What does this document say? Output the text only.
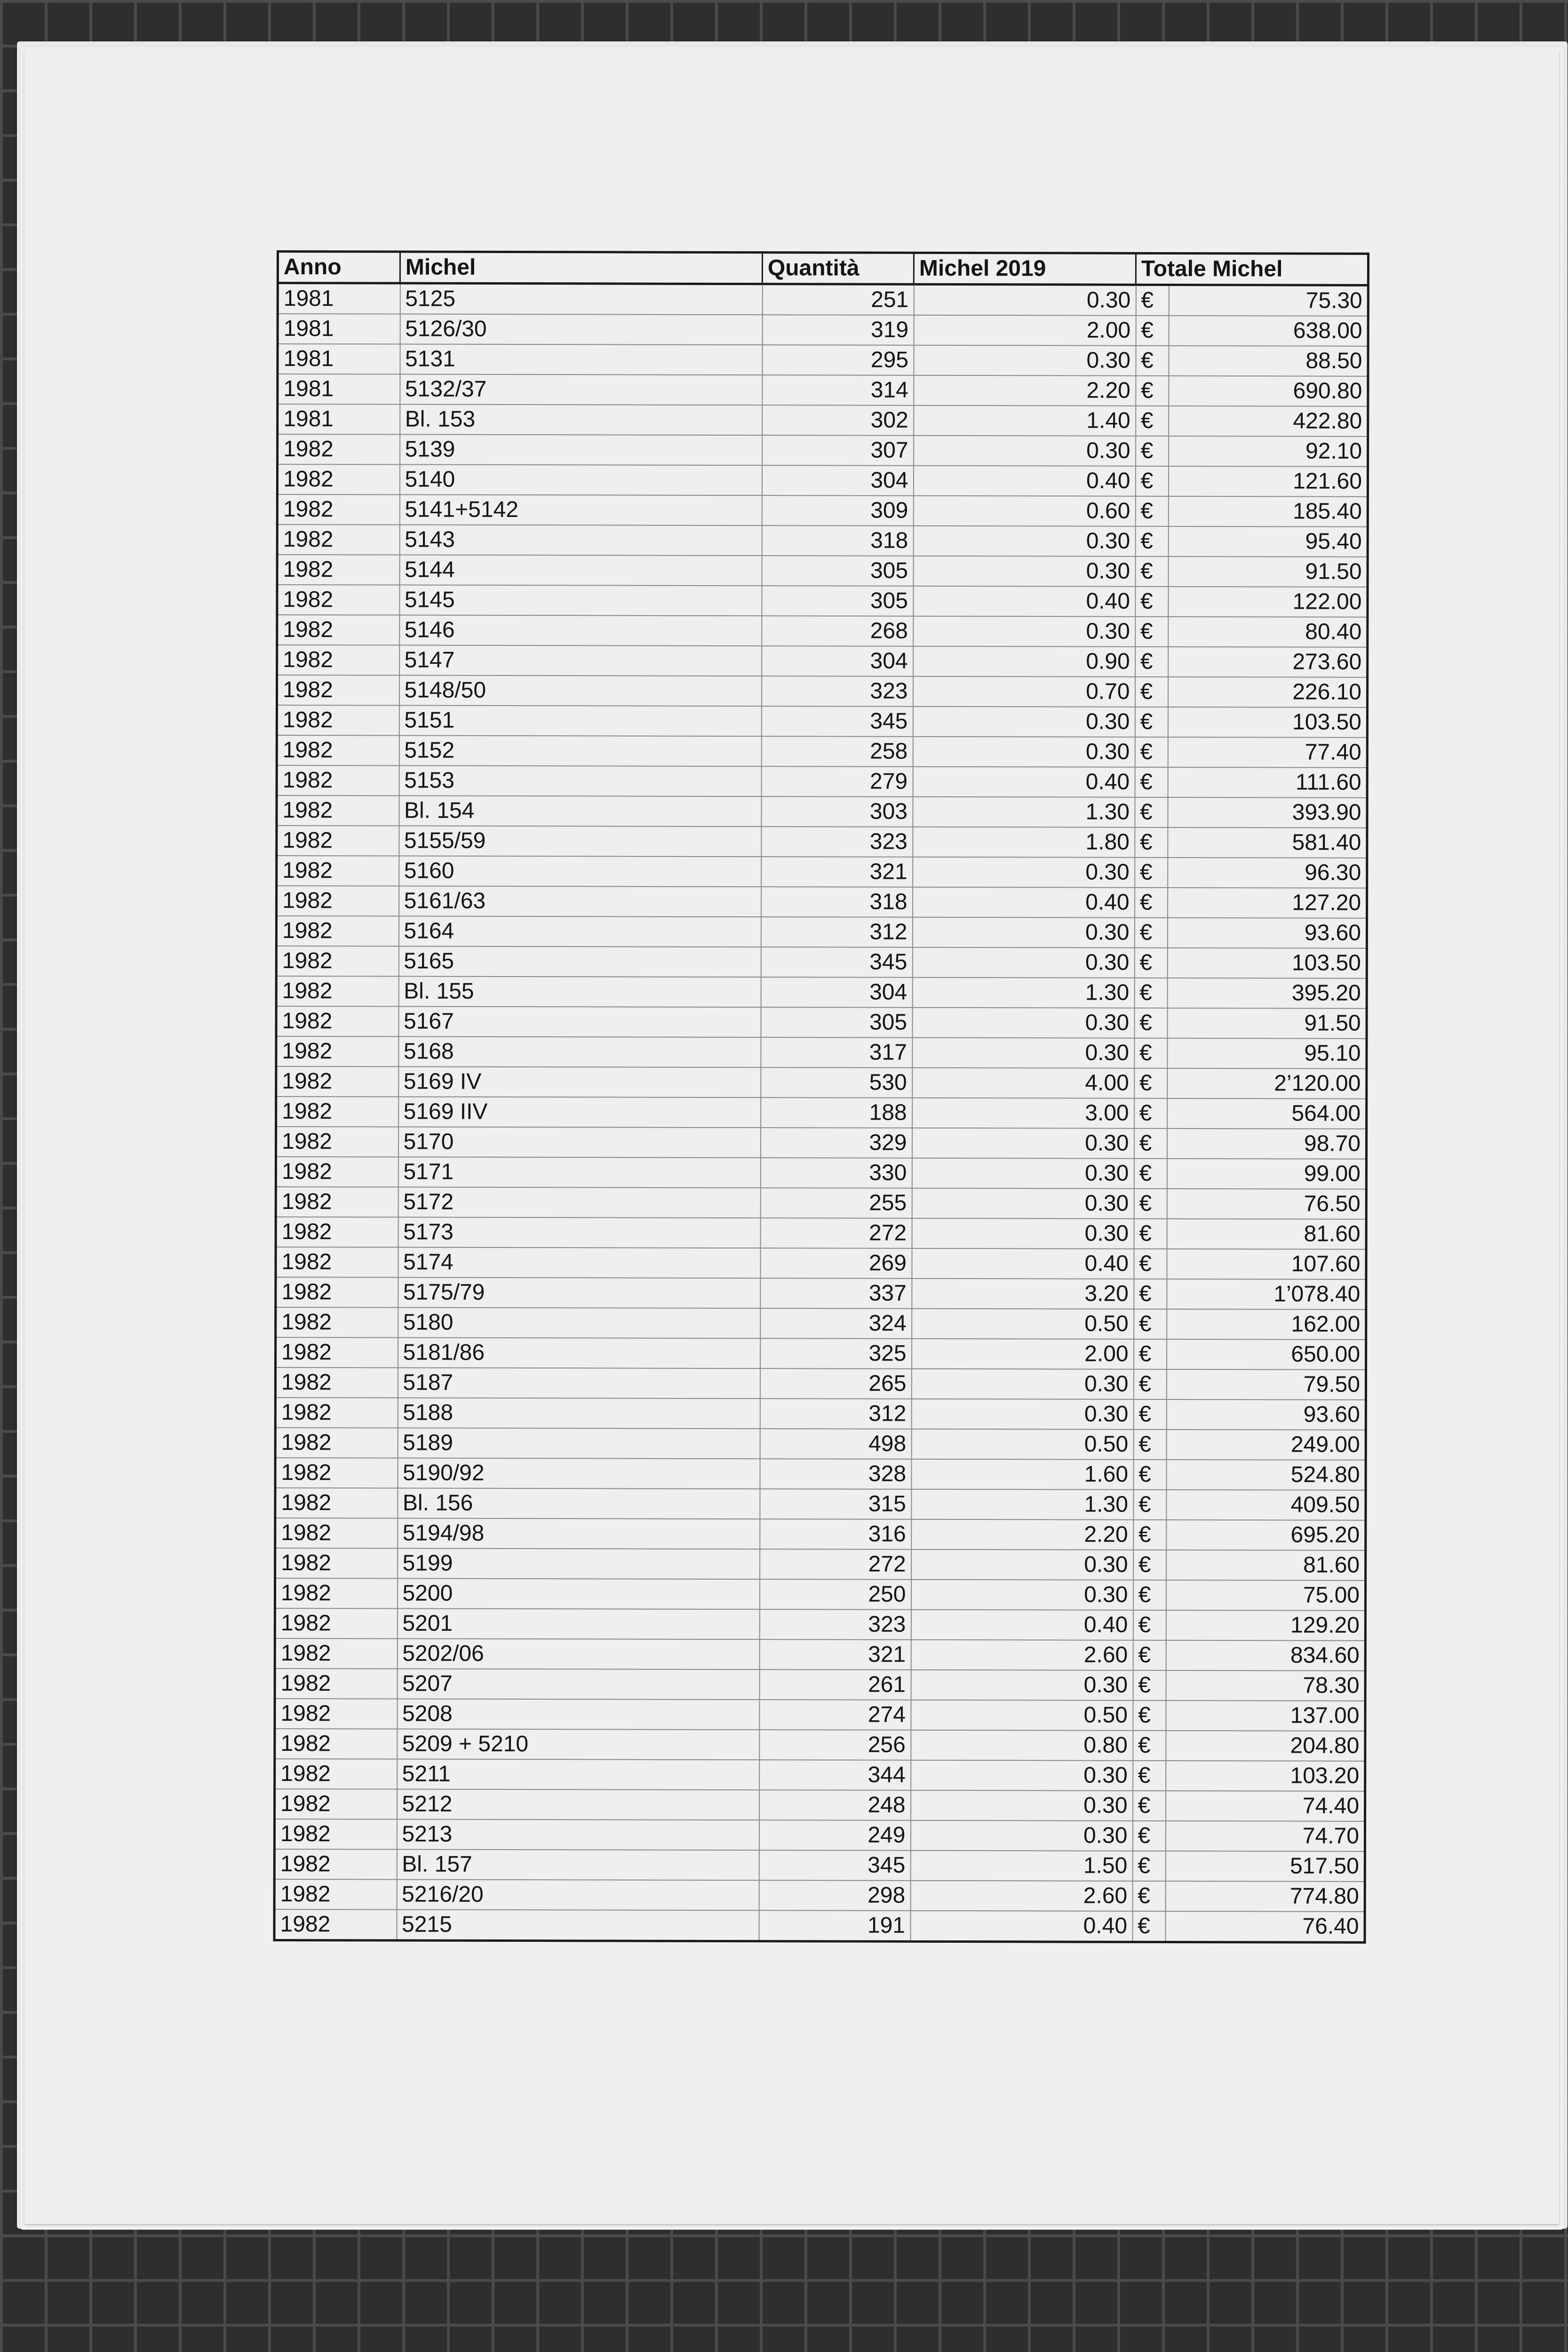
Anno	Michel	Quantità	Michel 2019	Totale Michel	
1981	5125	251	0.30	€	75.30
1981	5126/30	319	2.00	€	638.00
1981	5131	295	0.30	€	88.50
1981	5132/37	314	2.20	€	690.80
1981	Bl. 153	302	1.40	€	422.80
1982	5139	307	0.30	€	92.10
1982	5140	304	0.40	€	121.60
1982	5141+5142	309	0.60	€	185.40
1982	5143	318	0.30	€	95.40
1982	5144	305	0.30	€	91.50
1982	5145	305	0.40	€	122.00
1982	5146	268	0.30	€	80.40
1982	5147	304	0.90	€	273.60
1982	5148/50	323	0.70	€	226.10
1982	5151	345	0.30	€	103.50
1982	5152	258	0.30	€	77.40
1982	5153	279	0.40	€	111.60
1982	Bl. 154	303	1.30	€	393.90
1982	5155/59	323	1.80	€	581.40
1982	5160	321	0.30	€	96.30
1982	5161/63	318	0.40	€	127.20
1982	5164	312	0.30	€	93.60
1982	5165	345	0.30	€	103.50
1982	Bl. 155	304	1.30	€	395.20
1982	5167	305	0.30	€	91.50
1982	5168	317	0.30	€	95.10
1982	5169 IV	530	4.00	€	2’120.00
1982	5169 IIV	188	3.00	€	564.00
1982	5170	329	0.30	€	98.70
1982	5171	330	0.30	€	99.00
1982	5172	255	0.30	€	76.50
1982	5173	272	0.30	€	81.60
1982	5174	269	0.40	€	107.60
1982	5175/79	337	3.20	€	1’078.40
1982	5180	324	0.50	€	162.00
1982	5181/86	325	2.00	€	650.00
1982	5187	265	0.30	€	79.50
1982	5188	312	0.30	€	93.60
1982	5189	498	0.50	€	249.00
1982	5190/92	328	1.60	€	524.80
1982	Bl. 156	315	1.30	€	409.50
1982	5194/98	316	2.20	€	695.20
1982	5199	272	0.30	€	81.60
1982	5200	250	0.30	€	75.00
1982	5201	323	0.40	€	129.20
1982	5202/06	321	2.60	€	834.60
1982	5207	261	0.30	€	78.30
1982	5208	274	0.50	€	137.00
1982	5209 + 5210	256	0.80	€	204.80
1982	5211	344	0.30	€	103.20
1982	5212	248	0.30	€	74.40
1982	5213	249	0.30	€	74.70
1982	Bl. 157	345	1.50	€	517.50
1982	5216/20	298	2.60	€	774.80
1982	5215	191	0.40	€	76.40
